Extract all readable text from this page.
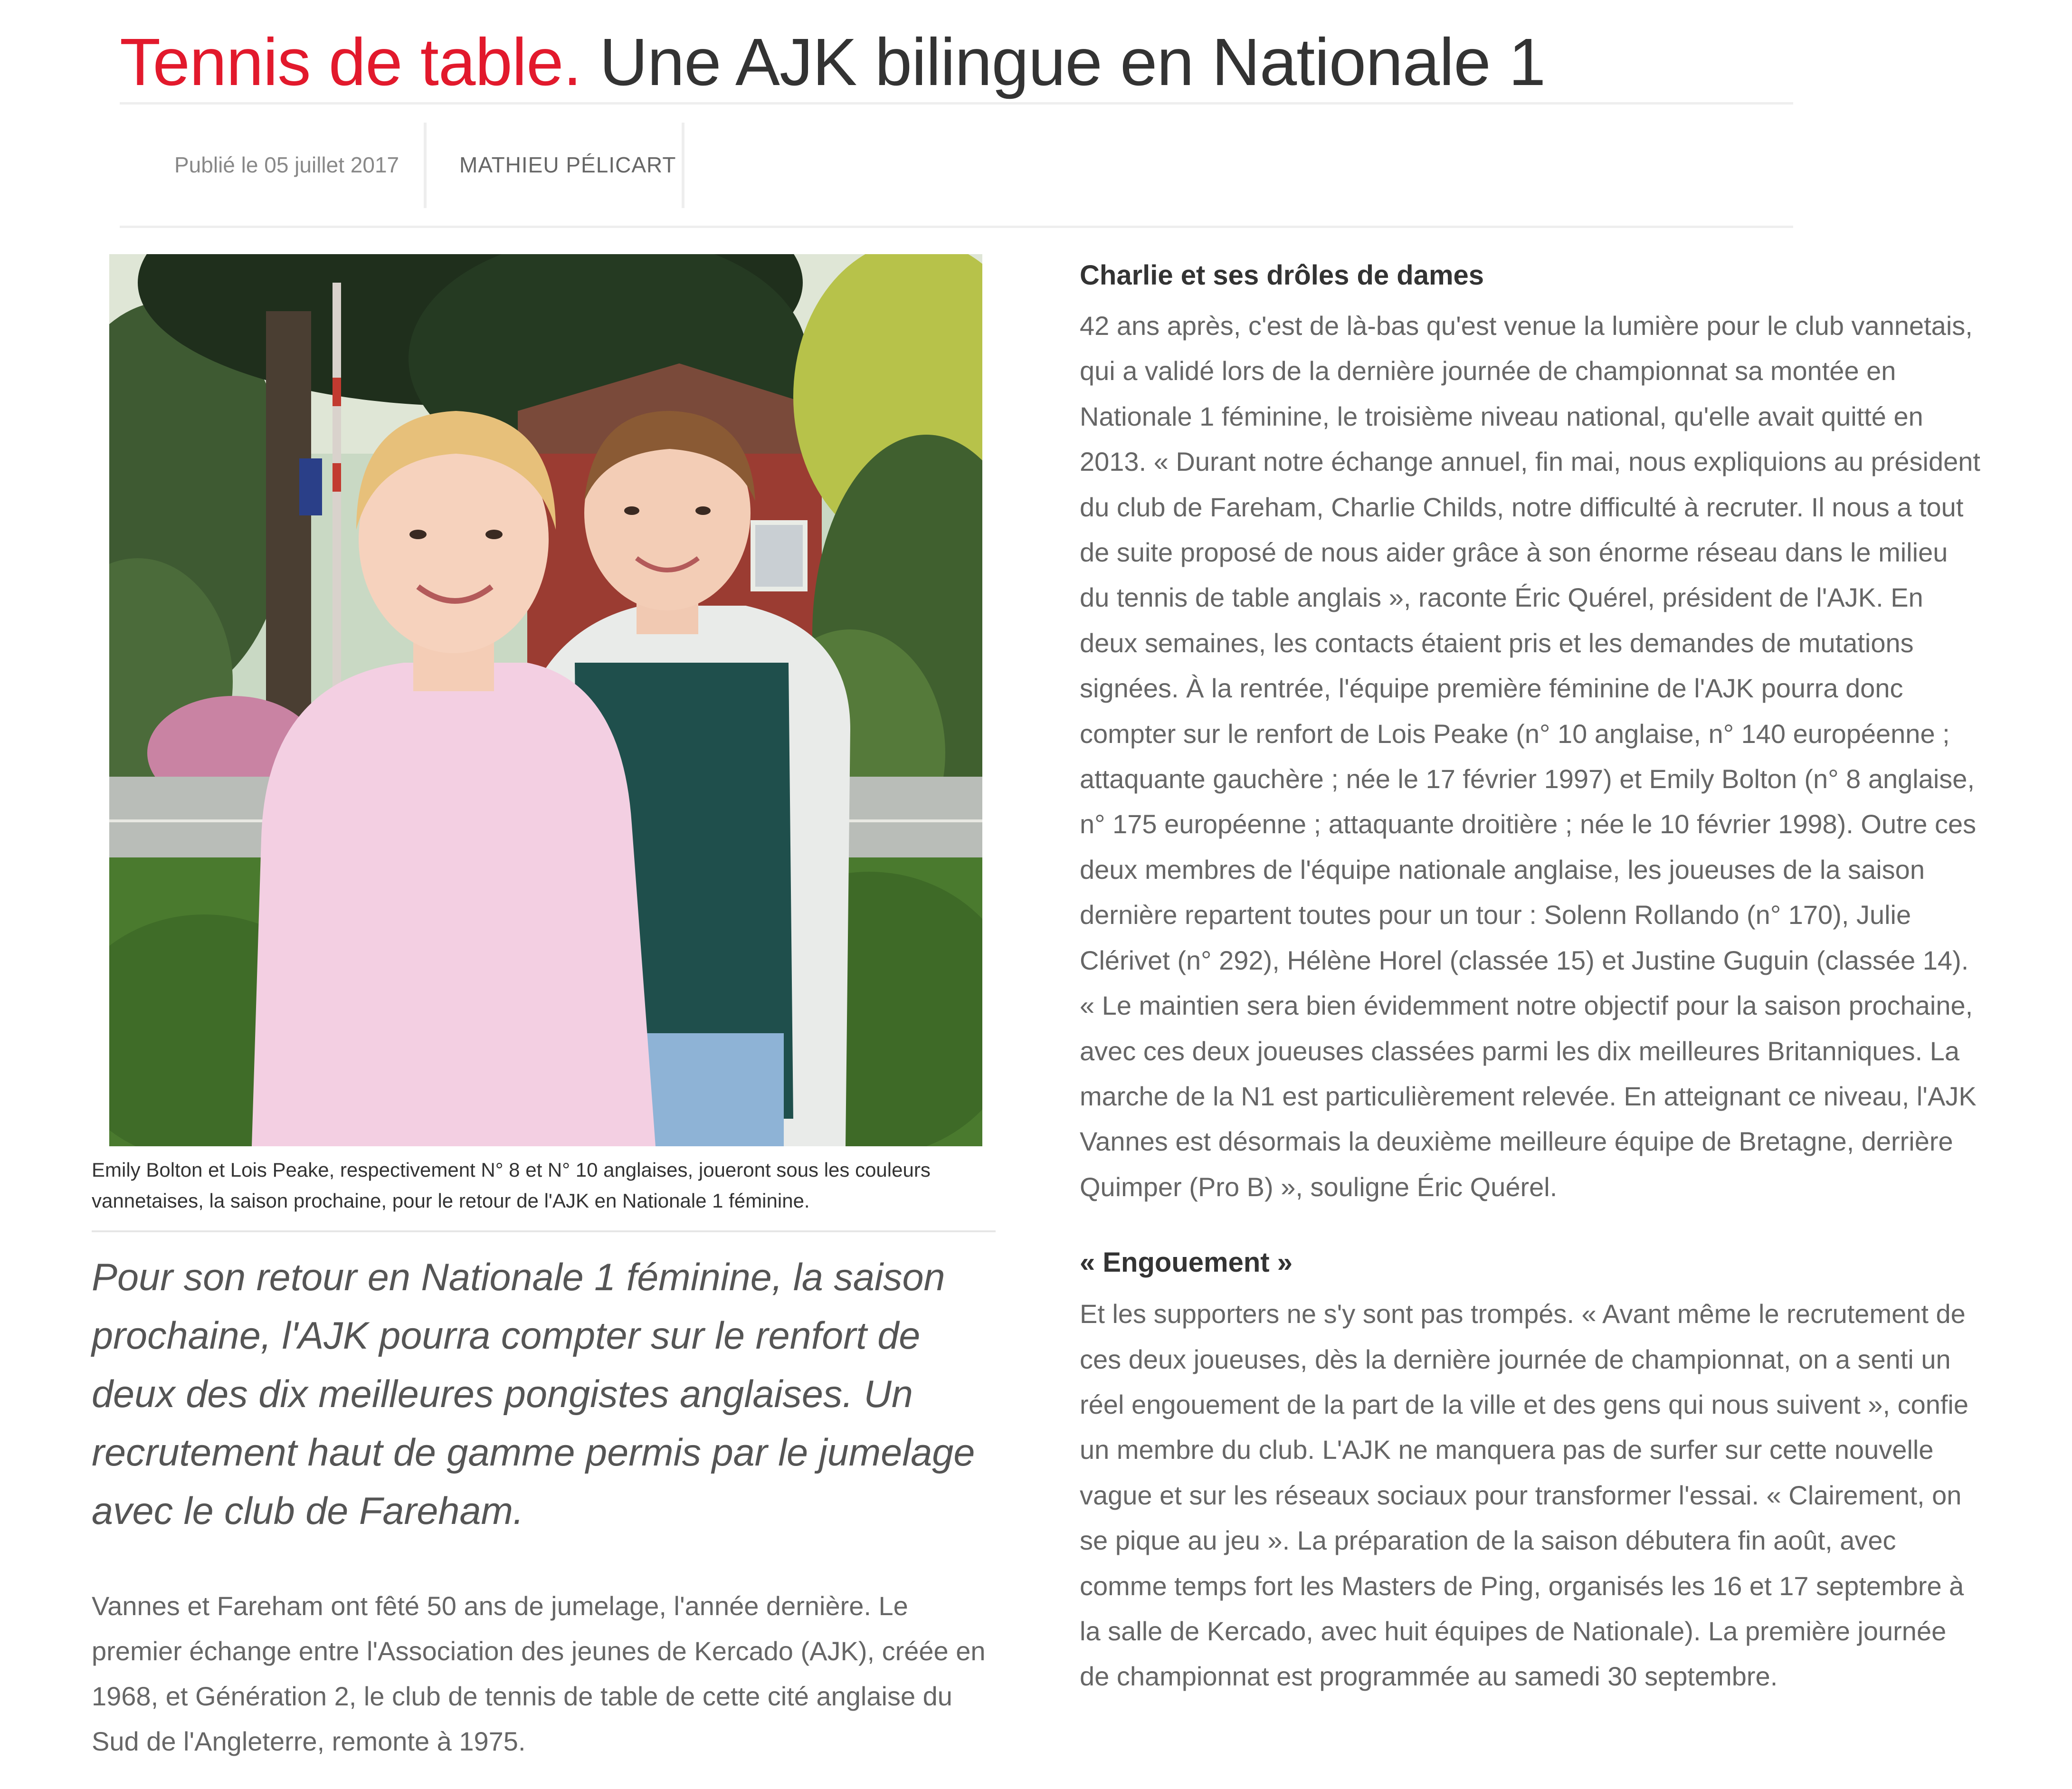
Tennis de table. Une AJK bilingue en Nationale 1
Publié le 05 juillet 2017	MATHIEU PÉLICART
Emily Bolton et Lois Peake, respectivement N° 8 et N° 10 anglaises, joueront sous les couleurs vannetaises, la saison prochaine, pour le retour de l'AJK en Nationale 1 féminine.

Pour son retour en Nationale 1 féminine, la saison prochaine, l'AJK pourra compter sur le renfort de deux des dix meilleures pongistes anglaises. Un recrutement haut de gamme permis par le jumelage avec le club de Fareham.

Vannes et Fareham ont fêté 50 ans de jumelage, l'année dernière. Le premier échange entre l'Association des jeunes de Kercado (AJK), créée en 1968, et Génération 2, le club de tennis de table de cette cité anglaise du Sud de l'Angleterre, remonte à 1975.

Charlie et ses drôles de dames

42 ans après, c'est de là-bas qu'est venue la lumière pour le club vannetais, qui a validé lors de la dernière journée de championnat sa montée en Nationale 1 féminine, le troisième niveau national, qu'elle avait quitté en 2013. « Durant notre échange annuel, fin mai, nous expliquions au président du club de Fareham, Charlie Childs, notre difficulté à recruter. Il nous a tout de suite proposé de nous aider grâce à son énorme réseau dans le milieu du tennis de table anglais », raconte Éric Quérel, président de l'AJK. En deux semaines, les contacts étaient pris et les demandes de mutations signées. À la rentrée, l'équipe première féminine de l'AJK pourra donc compter sur le renfort de Lois Peake (n° 10 anglaise, n° 140 européenne ; attaquante gauchère ; née le 17 février 1997) et Emily Bolton (n° 8 anglaise, n° 175 européenne ; attaquante droitière ; née le 10 février 1998). Outre ces deux membres de l'équipe nationale anglaise, les joueuses de la saison dernière repartent toutes pour un tour : Solenn Rollando (n° 170), Julie Clérivet (n° 292), Hélène Horel (classée 15) et Justine Guguin (classée 14). « Le maintien sera bien évidemment notre objectif pour la saison prochaine, avec ces deux joueuses classées parmi les dix meilleures Britanniques. La marche de la N1 est particulièrement relevée. En atteignant ce niveau, l'AJK Vannes est désormais la deuxième meilleure équipe de Bretagne, derrière Quimper (Pro B) », souligne Éric Quérel.

« Engouement »

Et les supporters ne s'y sont pas trompés. « Avant même le recrutement de ces deux joueuses, dès la dernière journée de championnat, on a senti un réel engouement de la part de la ville et des gens qui nous suivent », confie un membre du club. L'AJK ne manquera pas de surfer sur cette nouvelle vague et sur les réseaux sociaux pour transformer l'essai. « Clairement, on se pique au jeu ». La préparation de la saison débutera fin août, avec comme temps fort les Masters de Ping, organisés les 16 et 17 septembre à la salle de Kercado, avec huit équipes de Nationale). La première journée de championnat est programmée au samedi 30 septembre.
